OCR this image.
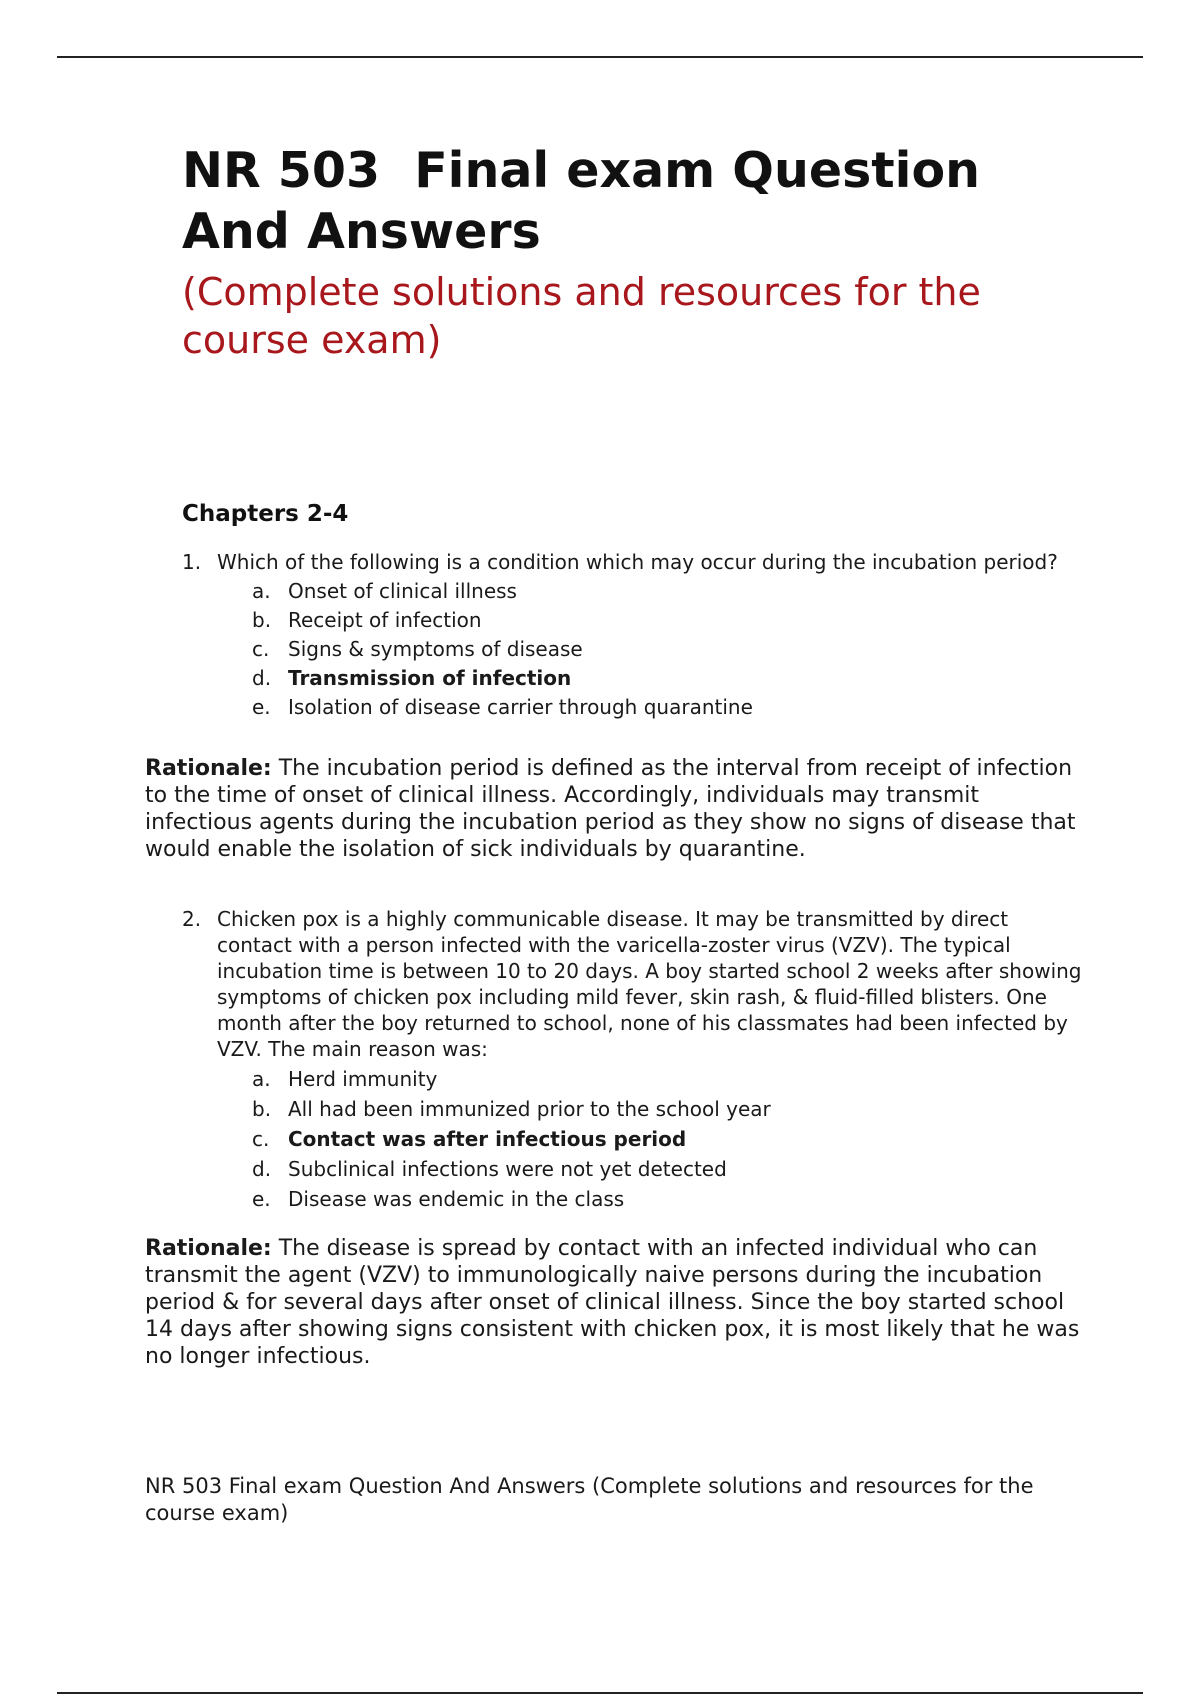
NR 503  Final exam Question And Answers

(Complete solutions and resources for the course exam)

Chapters 2-4
1. Which of the following is a condition which may occur during the incubation period?
a. Onset of clinical illness
b. Receipt of infection
c. Signs & symptoms of disease
d. Transmission of infection
e. Isolation of disease carrier through quarantine

Rationale: The incubation period is defined as the interval from receipt of infection to the time of onset of clinical illness. Accordingly, individuals may transmit infectious agents during the incubation period as they show no signs of disease that would enable the isolation of sick individuals by quarantine.

2. Chicken pox is a highly communicable disease. It may be transmitted by direct contact with a person infected with the varicella-zoster virus (VZV). The typical incubation time is between 10 to 20 days. A boy started school 2 weeks after showing symptoms of chicken pox including mild fever, skin rash, & fluid-filled blisters. One month after the boy returned to school, none of his classmates had been infected by VZV. The main reason was:
a. Herd immunity
b. All had been immunized prior to the school year
c. Contact was after infectious period
d. Subclinical infections were not yet detected
e. Disease was endemic in the class

Rationale: The disease is spread by contact with an infected individual who can transmit the agent (VZV) to immunologically naive persons during the incubation period & for several days after onset of clinical illness. Since the boy started school 14 days after showing signs consistent with chicken pox, it is most likely that he was no longer infectious.

NR 503 Final exam Question And Answers (Complete solutions and resources for the course exam)
